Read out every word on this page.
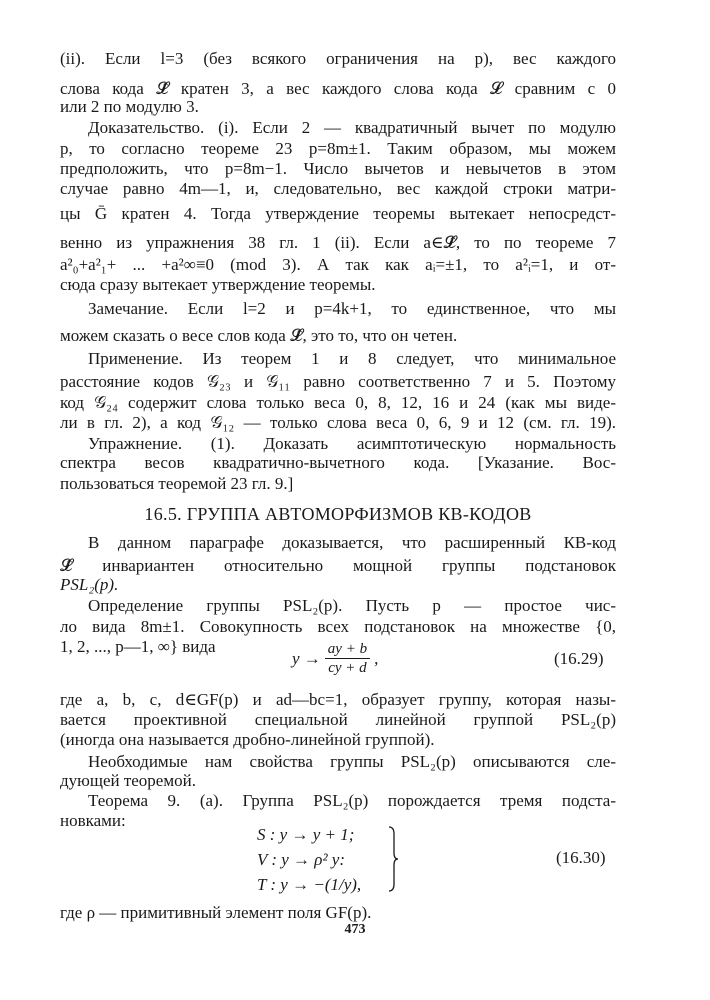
(ii). Если l=3 (без всякого ограничения на p), вес каждого
слова кода 𝓛̂ кратен 3, а вес каждого слова кода 𝓛 сравним с 0
или 2 по модулю 3.
Доказательство. (i). Если 2 — квадратичный вычет по модулю
p, то согласно теореме 23 p=8m±1. Таким образом, мы можем
предположить, что p=8m−1. Число вычетов и невычетов в этом
случае равно 4m—1, и, следовательно, вес каждой строки матри-
цы Ḡ кратен 4. Тогда утверждение теоремы вытекает непосредст-
венно из упражнения 38 гл. 1 (ii). Если a∈𝓛̂, то по теореме 7
a²₀+a²₁+ ... +a²∞≡0 (mod 3). А так как aᵢ=±1, то a²ᵢ=1, и от-
сюда сразу вытекает утверждение теоремы.
Замечание. Если l=2 и p=4k+1, то единственное, что мы
можем сказать о весе слов кода 𝓛̂, это то, что он четен.
Применение. Из теорем 1 и 8 следует, что минимальное
расстояние кодов 𝒢₂₃ и 𝒢₁₁ равно соответственно 7 и 5. Поэтому
код 𝒢₂₄ содержит слова только веса 0, 8, 12, 16 и 24 (как мы виде-
ли в гл. 2), а код 𝒢₁₂ — только слова веса 0, 6, 9 и 12 (см. гл. 19).
Упражнение. (1). Доказать асимптотическую нормальность
спектра весов квадратично-вычетного кода. [Указание. Вос-
пользоваться теоремой 23 гл. 9.]
16.5. ГРУППА АВТОМОРФИЗМОВ КВ-КОДОВ
В данном параграфе доказывается, что расширенный КВ-код
𝓛̂ инвариантен относительно мощной группы подстановок
PSL₂(p).
Определение группы PSL₂(p). Пусть p — простое чис-
ло вида 8m±1. Совокупность всех подстановок на множестве {0,
1, 2, ..., p—1, ∞} вида
$y \to \frac{ay + b}{cy + d}$ ,	(16.29)
где a, b, c, d∈GF(p) и ad—bc=1, образует группу, которая назы-
вается проективной специальной линейной группой PSL₂(p)
(иногда она называется дробно-линейной группой).
Необходимые нам свойства группы PSL₂(p) описываются сле-
дующей теоремой.
Теорема 9. (a). Группа PSL₂(p) порождается тремя подста-
новками:
S : y → y + 1;
V : y → ρ² y:
T : y → −(1/y),
(16.30)
где ρ — примитивный элемент поля GF(p).
473
